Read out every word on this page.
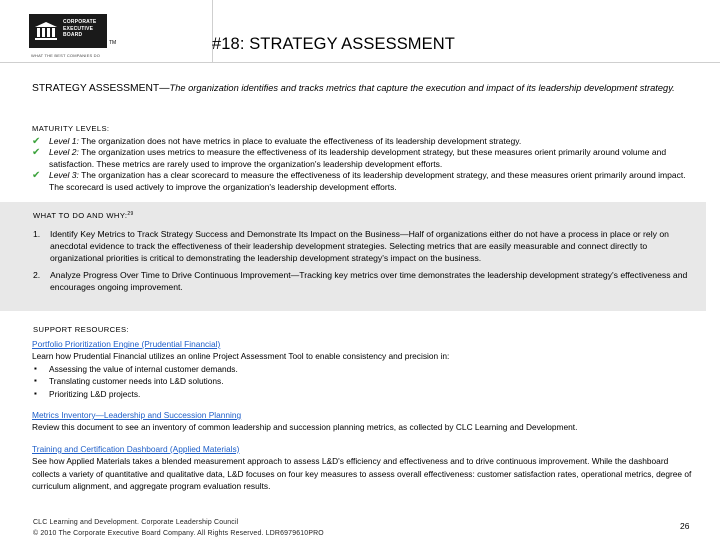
CORPORATE
EXECUTIVE
BOARD
TM
WHAT THE BEST COMPANIES DO
#18: STRATEGY ASSESSMENT
STRATEGY ASSESSMENT—The organization identifies and tracks metrics that capture the execution and impact of its leadership development strategy.
MATURITY LEVELS:
✔ Level 1: The organization does not have metrics in place to evaluate the effectiveness of its leadership development strategy.
✔ Level 2: The organization uses metrics to measure the effectiveness of its leadership development strategy, but these measures orient primarily around volume and satisfaction. These metrics are rarely used to improve the organization's leadership development efforts.
✔ Level 3: The organization has a clear scorecard to measure the effectiveness of its leadership development strategy, and these measures orient primarily around impact. The scorecard is used actively to improve the organization's leadership development efforts.
WHAT TO DO AND WHY:$^{29}$
1. Identify Key Metrics to Track Strategy Success and Demonstrate Its Impact on the Business—Half of organizations either do not have a process in place or rely on anecdotal evidence to track the effectiveness of their leadership development strategies. Selecting metrics that are easily measurable and connect directly to organizational priorities is critical to demonstrating the leadership development strategy's impact on the business.
2. Analyze Progress Over Time to Drive Continuous Improvement—Tracking key metrics over time demonstrates the leadership development strategy's effectiveness and encourages ongoing improvement.
SUPPORT RESOURCES:
Portfolio Prioritization Engine (Prudential Financial)
Learn how Prudential Financial utilizes an online Project Assessment Tool to enable consistency and precision in:
▪ Assessing the value of internal customer demands.
▪ Translating customer needs into L&D solutions.
▪ Prioritizing L&D projects.
Metrics Inventory—Leadership and Succession Planning
Review this document to see an inventory of common leadership and succession planning metrics, as collected by CLC Learning and Development.
Training and Certification Dashboard (Applied Materials)
See how Applied Materials takes a blended measurement approach to assess L&D's efficiency and effectiveness and to drive continuous improvement. While the dashboard collects a variety of quantitative and qualitative data, L&D focuses on four key measures to assess overall effectiveness: customer satisfaction rates, operational metrics, degree of curriculum alignment, and aggregate program evaluation results.
CLC Learning and Development. Corporate Leadership Council
© 2010 The Corporate Executive Board Company. All Rights Reserved. LDR6979610PRO
26
